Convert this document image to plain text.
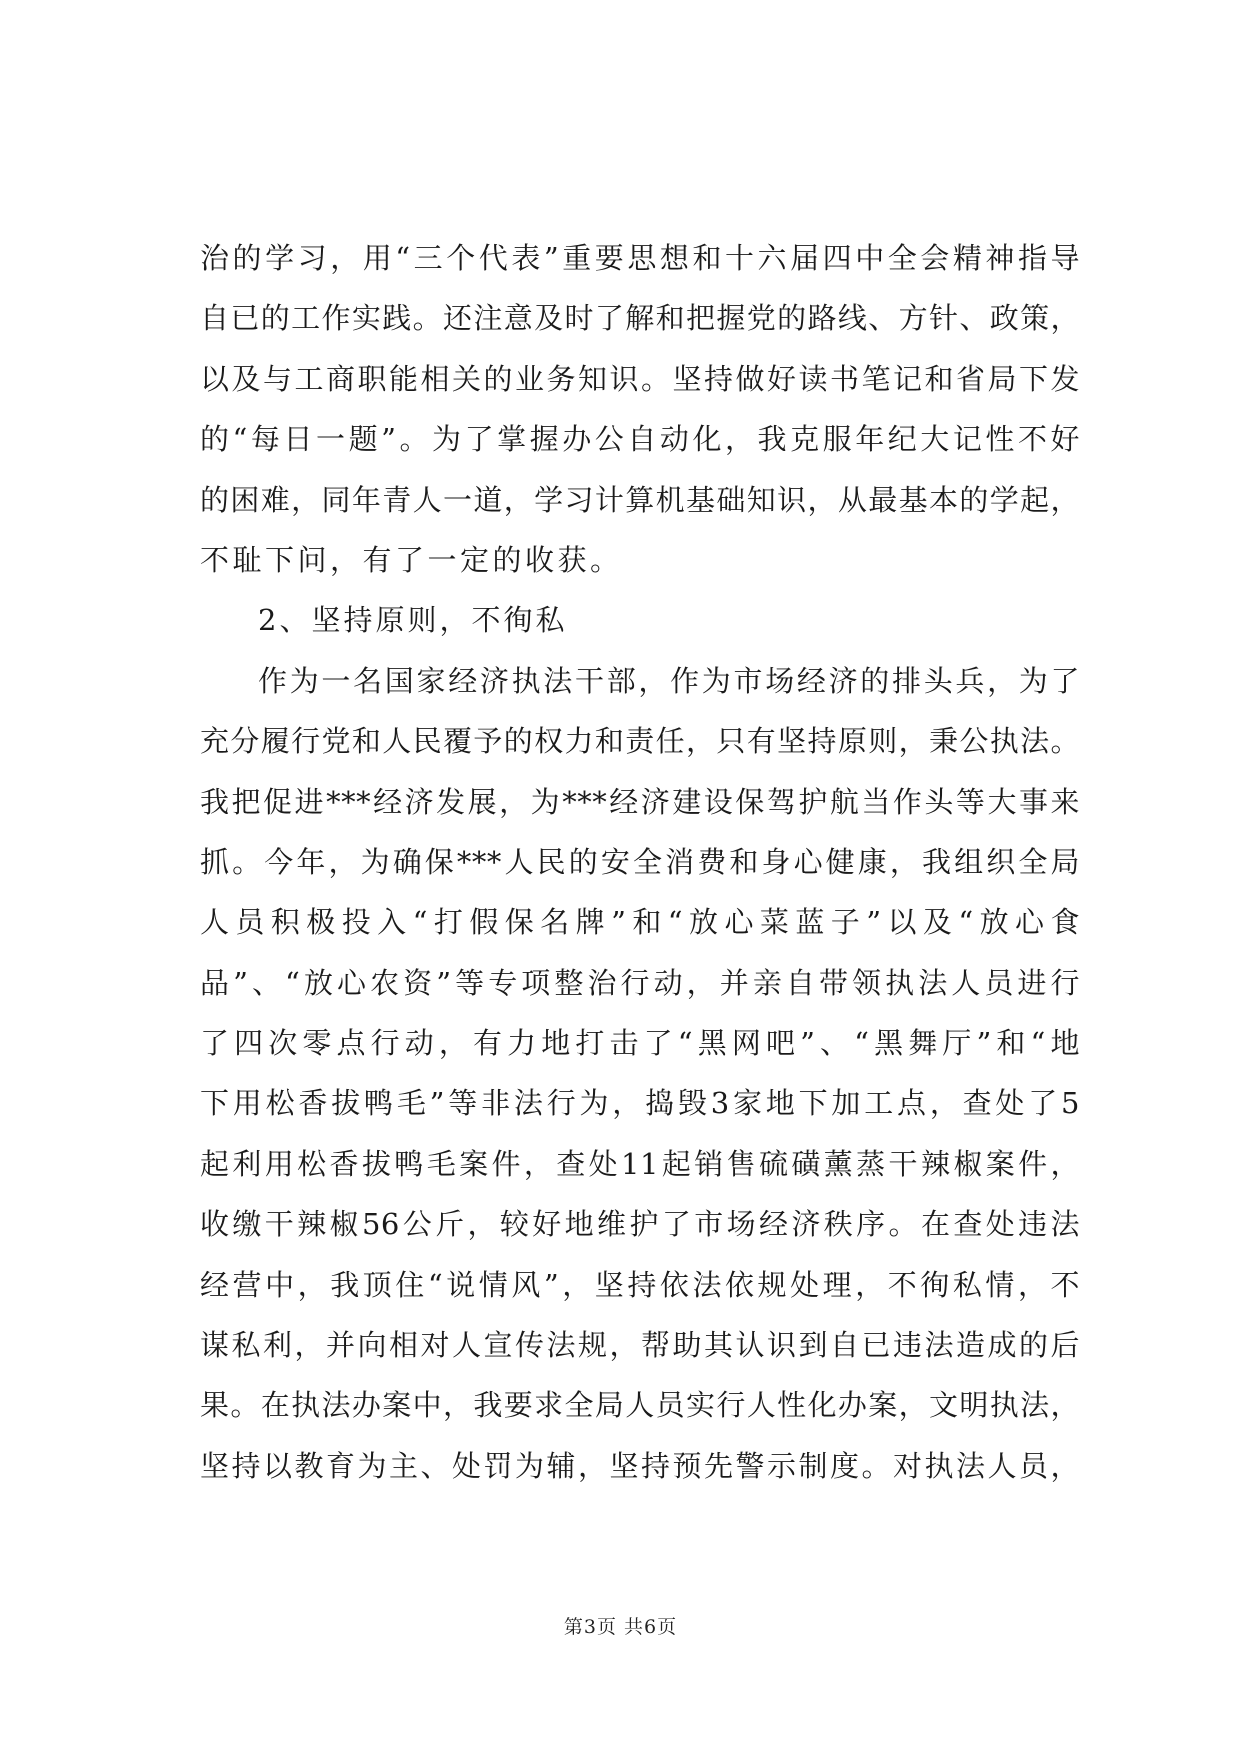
治的学习，用“三个代表”重要思想和十六届四中全会精神指导
自已的工作实践。还注意及时了解和把握党的路线、方针、政策，
以及与工商职能相关的业务知识。坚持做好读书笔记和省局下发
的“每日一题”。为了掌握办公自动化，我克服年纪大记性不好
的困难，同年青人一道，学习计算机基础知识，从最基本的学起，
不耻下问，有了一定的收获。
2、坚持原则，不徇私
作为一名国家经济执法干部，作为市场经济的排头兵，为了
充分履行党和人民覆予的权力和责任，只有坚持原则，秉公执法。
我把促进***经济发展，为***经济建设保驾护航当作头等大事来
抓。今年，为确保***人民的安全消费和身心健康，我组织全局
人员积极投入“打假保名牌”和“放心菜蓝子”以及“放心食
品”、“放心农资”等专项整治行动，并亲自带领执法人员进行
了四次零点行动，有力地打击了“黑网吧”、“黑舞厅”和“地
下用松香拔鸭毛”等非法行为，捣毁3家地下加工点，查处了5
起利用松香拔鸭毛案件，查处11起销售硫磺薰蒸干辣椒案件，
收缴干辣椒56公斤，较好地维护了市场经济秩序。在查处违法
经营中，我顶住“说情风”，坚持依法依规处理，不徇私情，不
谋私利，并向相对人宣传法规，帮助其认识到自已违法造成的后
果。在执法办案中，我要求全局人员实行人性化办案，文明执法，
坚持以教育为主、处罚为辅，坚持预先警示制度。对执法人员，
第3页 共6页
